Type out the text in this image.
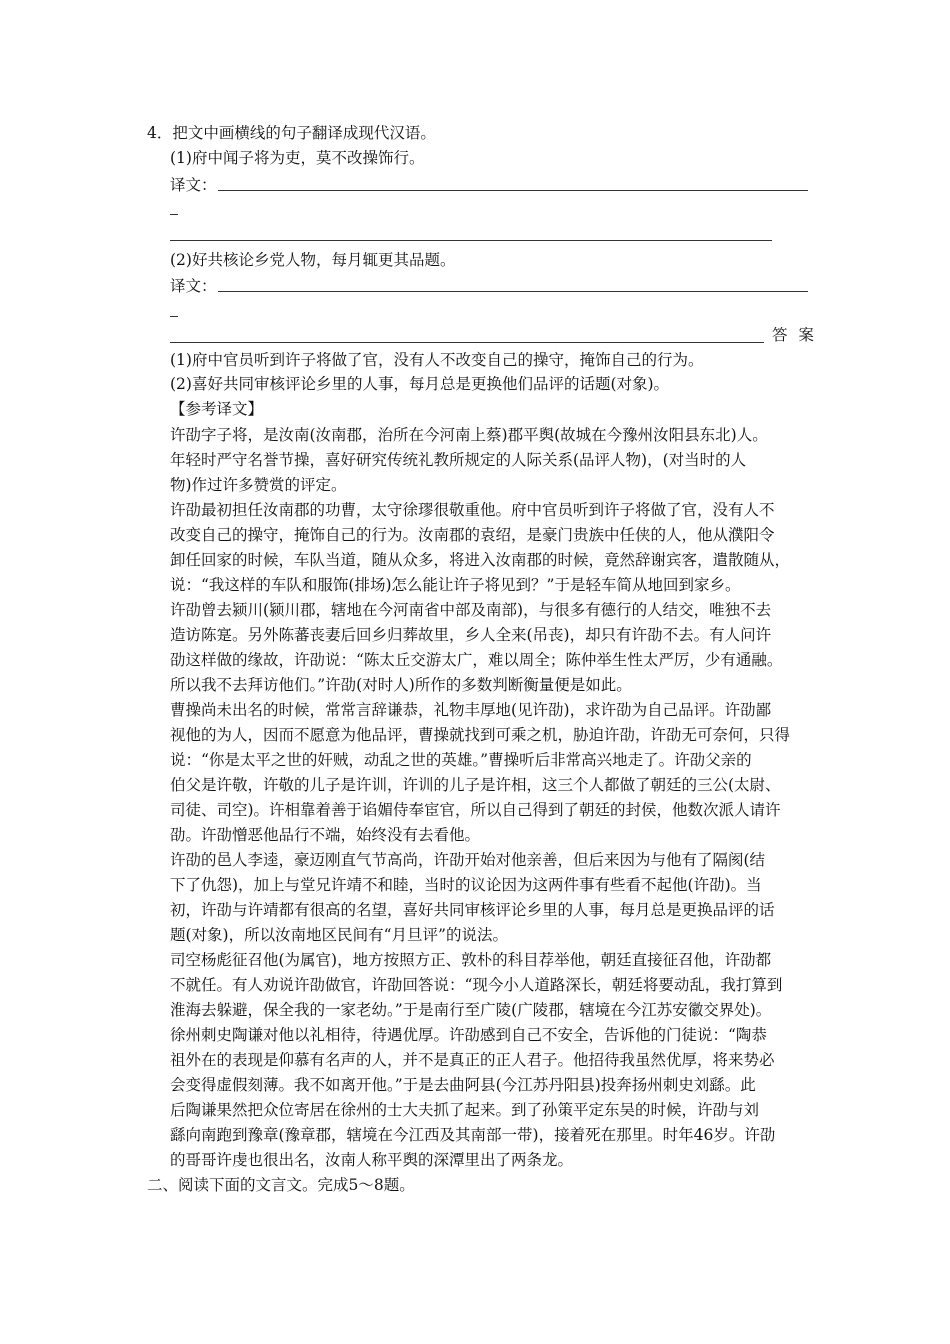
4．把文中画横线的句子翻译成现代汉语。
(1)府中闻子将为吏，莫不改操饰行。
译文：
(2)好共核论乡党人物，每月辄更其品题。
译文：
答 案
(1)府中官员听到许子将做了官，没有人不改变自己的操守，掩饰自己的行为。
(2)喜好共同审核评论乡里的人事，每月总是更换他们品评的话题(对象)。
【参考译文】
许劭字子将，是汝南(汝南郡，治所在今河南上蔡)郡平舆(故城在今豫州汝阳县东北)人。
年轻时严守名誉节操，喜好研究传统礼教所规定的人际关系(品评人物)，(对当时的人
物)作过许多赞赏的评定。
许劭最初担任汝南郡的功曹，太守徐璆很敬重他。府中官员听到许子将做了官，没有人不
改变自己的操守，掩饰自己的行为。汝南郡的袁绍，是豪门贵族中任侠的人，他从濮阳令
卸任回家的时候，车队当道，随从众多，将进入汝南郡的时候，竟然辞谢宾客，遣散随从，
说：“我这样的车队和服饰(排场)怎么能让许子将见到？”于是轻车简从地回到家乡。
许劭曾去颍川(颍川郡，辖地在今河南省中部及南部)，与很多有德行的人结交，唯独不去
造访陈寔。另外陈蕃丧妻后回乡归葬故里，乡人全来(吊丧)，却只有许劭不去。有人问许
劭这样做的缘故，许劭说：“陈太丘交游太广，难以周全；陈仲举生性太严厉，少有通融。
所以我不去拜访他们。”许劭(对时人)所作的多数判断衡量便是如此。
曹操尚未出名的时候，常常言辞谦恭，礼物丰厚地(见许劭)，求许劭为自己品评。许劭鄙
视他的为人，因而不愿意为他品评，曹操就找到可乘之机，胁迫许劭，许劭无可奈何，只得
说：“你是太平之世的奸贼，动乱之世的英雄。”曹操听后非常高兴地走了。许劭父亲的
伯父是许敬，许敬的儿子是许训，许训的儿子是许相，这三个人都做了朝廷的三公(太尉、
司徒、司空)。许相靠着善于谄媚侍奉宦官，所以自己得到了朝廷的封侯，他数次派人请许
劭。许劭憎恶他品行不端，始终没有去看他。
许劭的邑人李逵，豪迈刚直气节高尚，许劭开始对他亲善，但后来因为与他有了隔阂(结
下了仇怨)，加上与堂兄许靖不和睦，当时的议论因为这两件事有些看不起他(许劭)。当
初，许劭与许靖都有很高的名望，喜好共同审核评论乡里的人事，每月总是更换品评的话
题(对象)，所以汝南地区民间有“月旦评”的说法。
司空杨彪征召他(为属官)，地方按照方正、敦朴的科目荐举他，朝廷直接征召他，许劭都
不就任。有人劝说许劭做官，许劭回答说：“现今小人道路深长，朝廷将要动乱，我打算到
淮海去躲避，保全我的一家老幼。”于是南行至广陵(广陵郡，辖境在今江苏安徽交界处)。
徐州刺史陶谦对他以礼相待，待遇优厚。许劭感到自己不安全，告诉他的门徒说：“陶恭
祖外在的表现是仰慕有名声的人，并不是真正的正人君子。他招待我虽然优厚，将来势必
会变得虚假刻薄。我不如离开他。”于是去曲阿县(今江苏丹阳县)投奔扬州刺史刘繇。此
后陶谦果然把众位寄居在徐州的士大夫抓了起来。到了孙策平定东吴的时候，许劭与刘
繇向南跑到豫章(豫章郡，辖境在今江西及其南部一带)，接着死在那里。时年46岁。许劭
的哥哥许虔也很出名，汝南人称平舆的深潭里出了两条龙。
二、阅读下面的文言文。完成5～8题。
